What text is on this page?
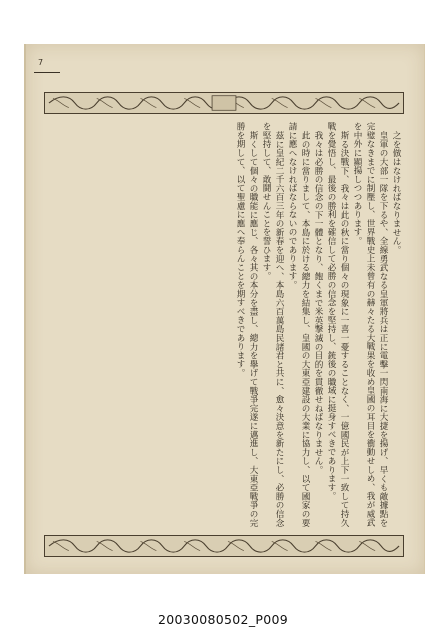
7

之を倣はなければなりません。

皇軍の大部一隊を下るや、全線勇武なる皇軍將兵は正に電擊一閃南海に大捷を揚げ、早くも敵據點を完璧なきまでに制壓し、世界戰史上未曾有の赫々たる大戰果を收め皇國の耳目を衝動せしめ、我が威武を中外に顯揚しつつあります。

斯る決戰下、我々は此の秋に當り個々の現象に一喜一憂することなく、一億國民が上下一致して持久戰を覺悟し、最後の勝利を確信して必勝の信念を堅持し、銃後の職域に挺身すべきであります。

我々は必勝の信念の下一體となり、飽くまで米英撃滅の目的を貫徹せねばなりません。

此の時に當りまして、本島に於ける總力を結集し、皇國の大東亞建設の大業に協力し、以て國家の要請に應へなければならないのであります。

茲に皇紀二千六百三年の新春を迎へ、本島六百萬島民諸君と共に、愈々決意を新たにし、必勝の信念を堅持して、敢鬪せんことを誓ひます。

斯くして個々の職能に應じ、各々其の本分を盡し、總力を擧げて戰爭完遂に邁進し、大東亞戰爭の完勝を期して、以て聖慮に應へ奉らんことを期すべきであります。

20030080502_P009
